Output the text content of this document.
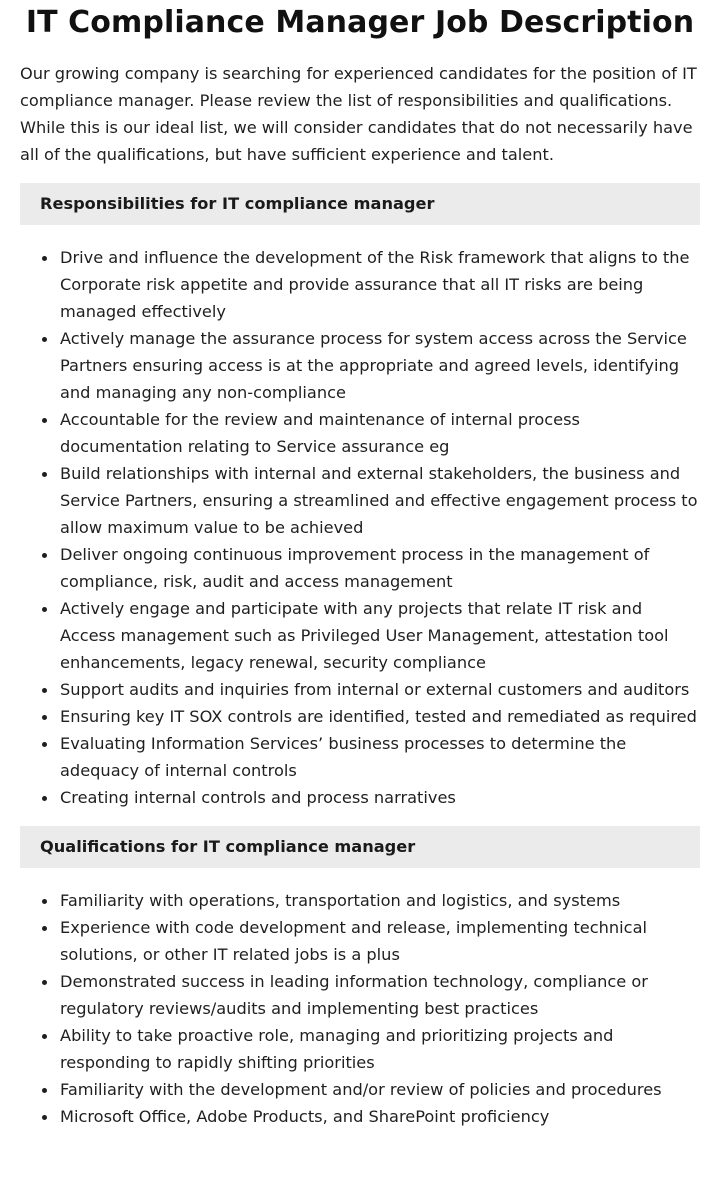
IT Compliance Manager Job Description

Our growing company is searching for experienced candidates for the position of IT compliance manager. Please review the list of responsibilities and qualifications. While this is our ideal list, we will consider candidates that do not necessarily have all of the qualifications, but have sufficient experience and talent.

Responsibilities for IT compliance manager
Drive and influence the development of the Risk framework that aligns to the Corporate risk appetite and provide assurance that all IT risks are being managed effectively
Actively manage the assurance process for system access across the Service Partners ensuring access is at the appropriate and agreed levels, identifying and managing any non-compliance
Accountable for the review and maintenance of internal process documentation relating to Service assurance eg
Build relationships with internal and external stakeholders, the business and Service Partners, ensuring a streamlined and effective engagement process to allow maximum value to be achieved
Deliver ongoing continuous improvement process in the management of compliance, risk, audit and access management
Actively engage and participate with any projects that relate IT risk and Access management such as Privileged User Management, attestation tool enhancements, legacy renewal, security compliance
Support audits and inquiries from internal or external customers and auditors
Ensuring key IT SOX controls are identified, tested and remediated as required
Evaluating Information Services’ business processes to determine the adequacy of internal controls
Creating internal controls and process narratives
Qualifications for IT compliance manager
Familiarity with operations, transportation and logistics, and systems
Experience with code development and release, implementing technical solutions, or other IT related jobs is a plus
Demonstrated success in leading information technology, compliance or regulatory reviews/audits and implementing best practices
Ability to take proactive role, managing and prioritizing projects and responding to rapidly shifting priorities
Familiarity with the development and/or review of policies and procedures
Microsoft Office, Adobe Products, and SharePoint proficiency
